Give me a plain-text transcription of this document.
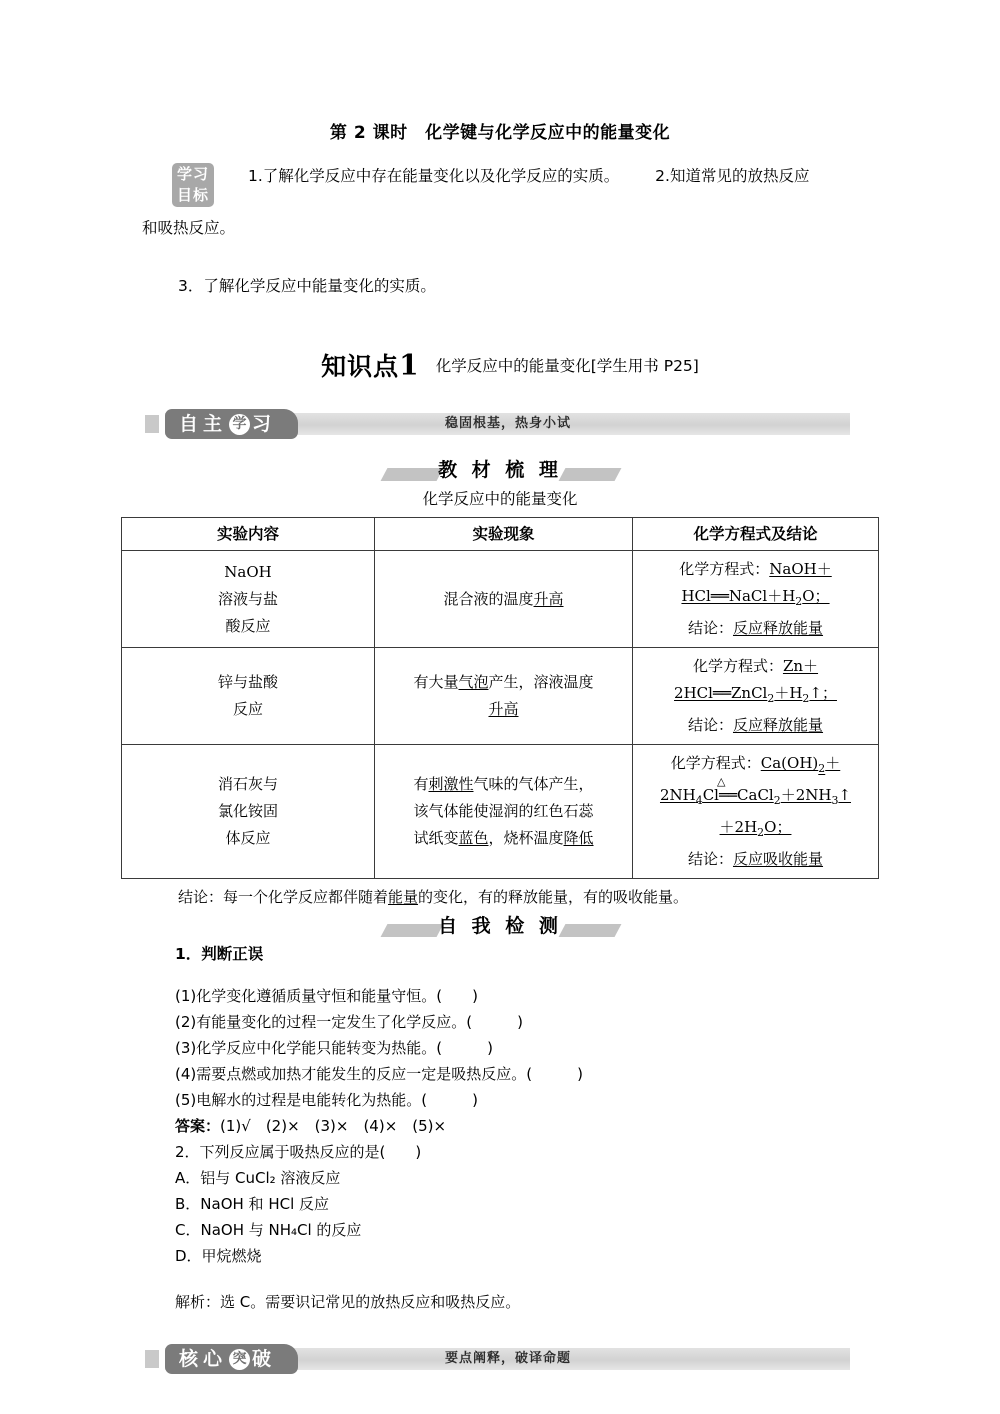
第 2 课时　化学键与化学反应中的能量变化
学习
目标

1.了解化学反应中存在能量变化以及化学反应的实质。 2.知道常见的放热反应

和吸热反应。

3．了解化学反应中能量变化的实质。

知识点1 化学反应中的能量变化[学生用书 P25]
自主 学 习	稳固根基，热身小试
教 材 梳 理
化学反应中的能量变化
实验内容	实验现象	化学方程式及结论

NaOH
溶液与盐
酸反应	混合液的温度升高	化学方程式：NaOH＋
$HCl══NaCl+H_2O$；
结论：反应释放能量

锌与盐酸
反应	有大量气泡产生，溶液温度
升高	化学方程式：Zn＋
$2HCl══ZnCl_2+H_2↑$；
结论：反应释放能量

消石灰与
氯化铵固
体反应	有刺激性气味的气体产生，
该气体能使湿润的红色石蕊
试纸变蓝色，烧杯温度降低	化学方程式：$Ca(OH)_2+$
$2NH_4Cl══CaCl_2+2NH_3↑$
△
$+2H_2O$；
结论：反应吸收能量

结论：每一个化学反应都伴随着能量的变化，有的释放能量，有的吸收能量。

自 我 检 测

1．判断正误

(1)化学变化遵循质量守恒和能量守恒。(　　)

(2)有能量变化的过程一定发生了化学反应。(　　　)

(3)化学反应中化学能只能转变为热能。(　　　)

(4)需要点燃或加热才能发生的反应一定是吸热反应。(　　　)

(5)电解水的过程是电能转化为热能。(　　　)

答案：(1)√　(2)×　(3)×　(4)×　(5)×

2．下列反应属于吸热反应的是(　　)

A．铝与 CuCl₂ 溶液反应

B．NaOH 和 HCl 反应

C．NaOH 与 NH₄Cl 的反应

D．甲烷燃烧

解析：选 C。需要识记常见的放热反应和吸热反应。

核心 突 破	要点阐释，破译命题
